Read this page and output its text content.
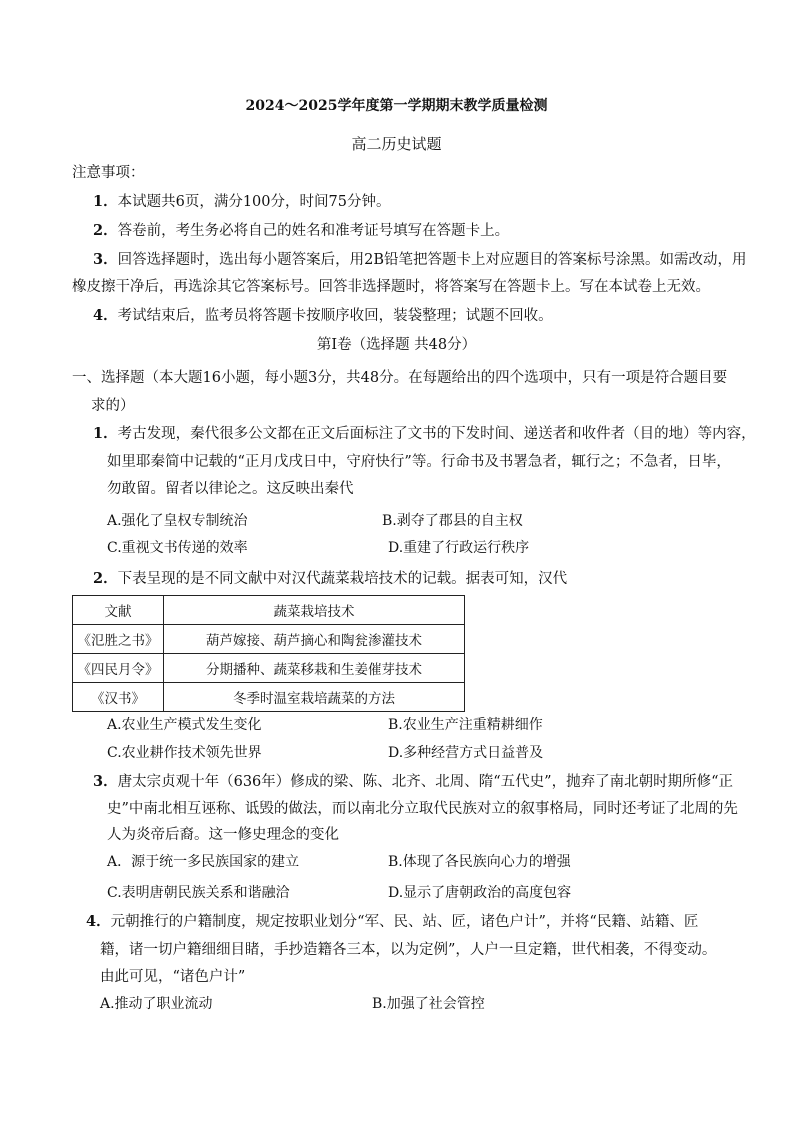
2024～2025学年度第一学期期末教学质量检测
高二历史试题
注意事项：
1．本试题共6页，满分100分，时间75分钟。
2．答卷前，考生务必将自己的姓名和准考证号填写在答题卡上。
3．回答选择题时，选出每小题答案后，用2B铅笔把答题卡上对应题目的答案标号涂黑。如需改动，用
橡皮擦干净后，再选涂其它答案标号。回答非选择题时，将答案写在答题卡上。写在本试卷上无效。
4．考试结束后，监考员将答题卡按顺序收回，装袋整理；试题不回收。
第Ⅰ卷（选择题 共48分）
一、选择题（本大题16小题，每小题3分，共48分。在每题给出的四个选项中，只有一项是符合题目要
求的）
1．考古发现，秦代很多公文都在正文后面标注了文书的下发时间、递送者和收件者（目的地）等内容，
如里耶秦简中记载的“正月戊戌日中，守府快行”等。行命书及书署急者，辄行之；不急者，日毕，
勿敢留。留者以律论之。这反映出秦代
A.强化了皇权专制统治	B.剥夺了郡县的自主权
C.重视文书传递的效率	D.重建了行政运行秩序
2．下表呈现的是不同文献中对汉代蔬菜栽培技术的记载。据表可知，汉代
文献	蔬菜栽培技术
《氾胜之书》	葫芦嫁接、葫芦摘心和陶瓮渗灌技术
《四民月令》	分期播种、蔬菜移栽和生姜催芽技术
《汉书》	冬季时温室栽培蔬菜的方法
A.农业生产模式发生变化	B.农业生产注重精耕细作
C.农业耕作技术领先世界	D.多种经营方式日益普及
3．唐太宗贞观十年（636年）修成的梁、陈、北齐、北周、隋“五代史”，抛弃了南北朝时期所修“正
史”中南北相互诬称、诋毁的做法，而以南北分立取代民族对立的叙事格局，同时还考证了北周的先
人为炎帝后裔。这一修史理念的变化
A．源于统一多民族国家的建立	B.体现了各民族向心力的增强
C.表明唐朝民族关系和谐融洽	D.显示了唐朝政治的高度包容
4．元朝推行的户籍制度，规定按职业划分“军、民、站、匠，诸色户计”，并将“民籍、站籍、匠
籍，诸一切户籍细细目睹，手抄造籍各三本，以为定例”，人户一旦定籍，世代相袭，不得变动。
由此可见，“诸色户计”
A.推动了职业流动	B.加强了社会管控
